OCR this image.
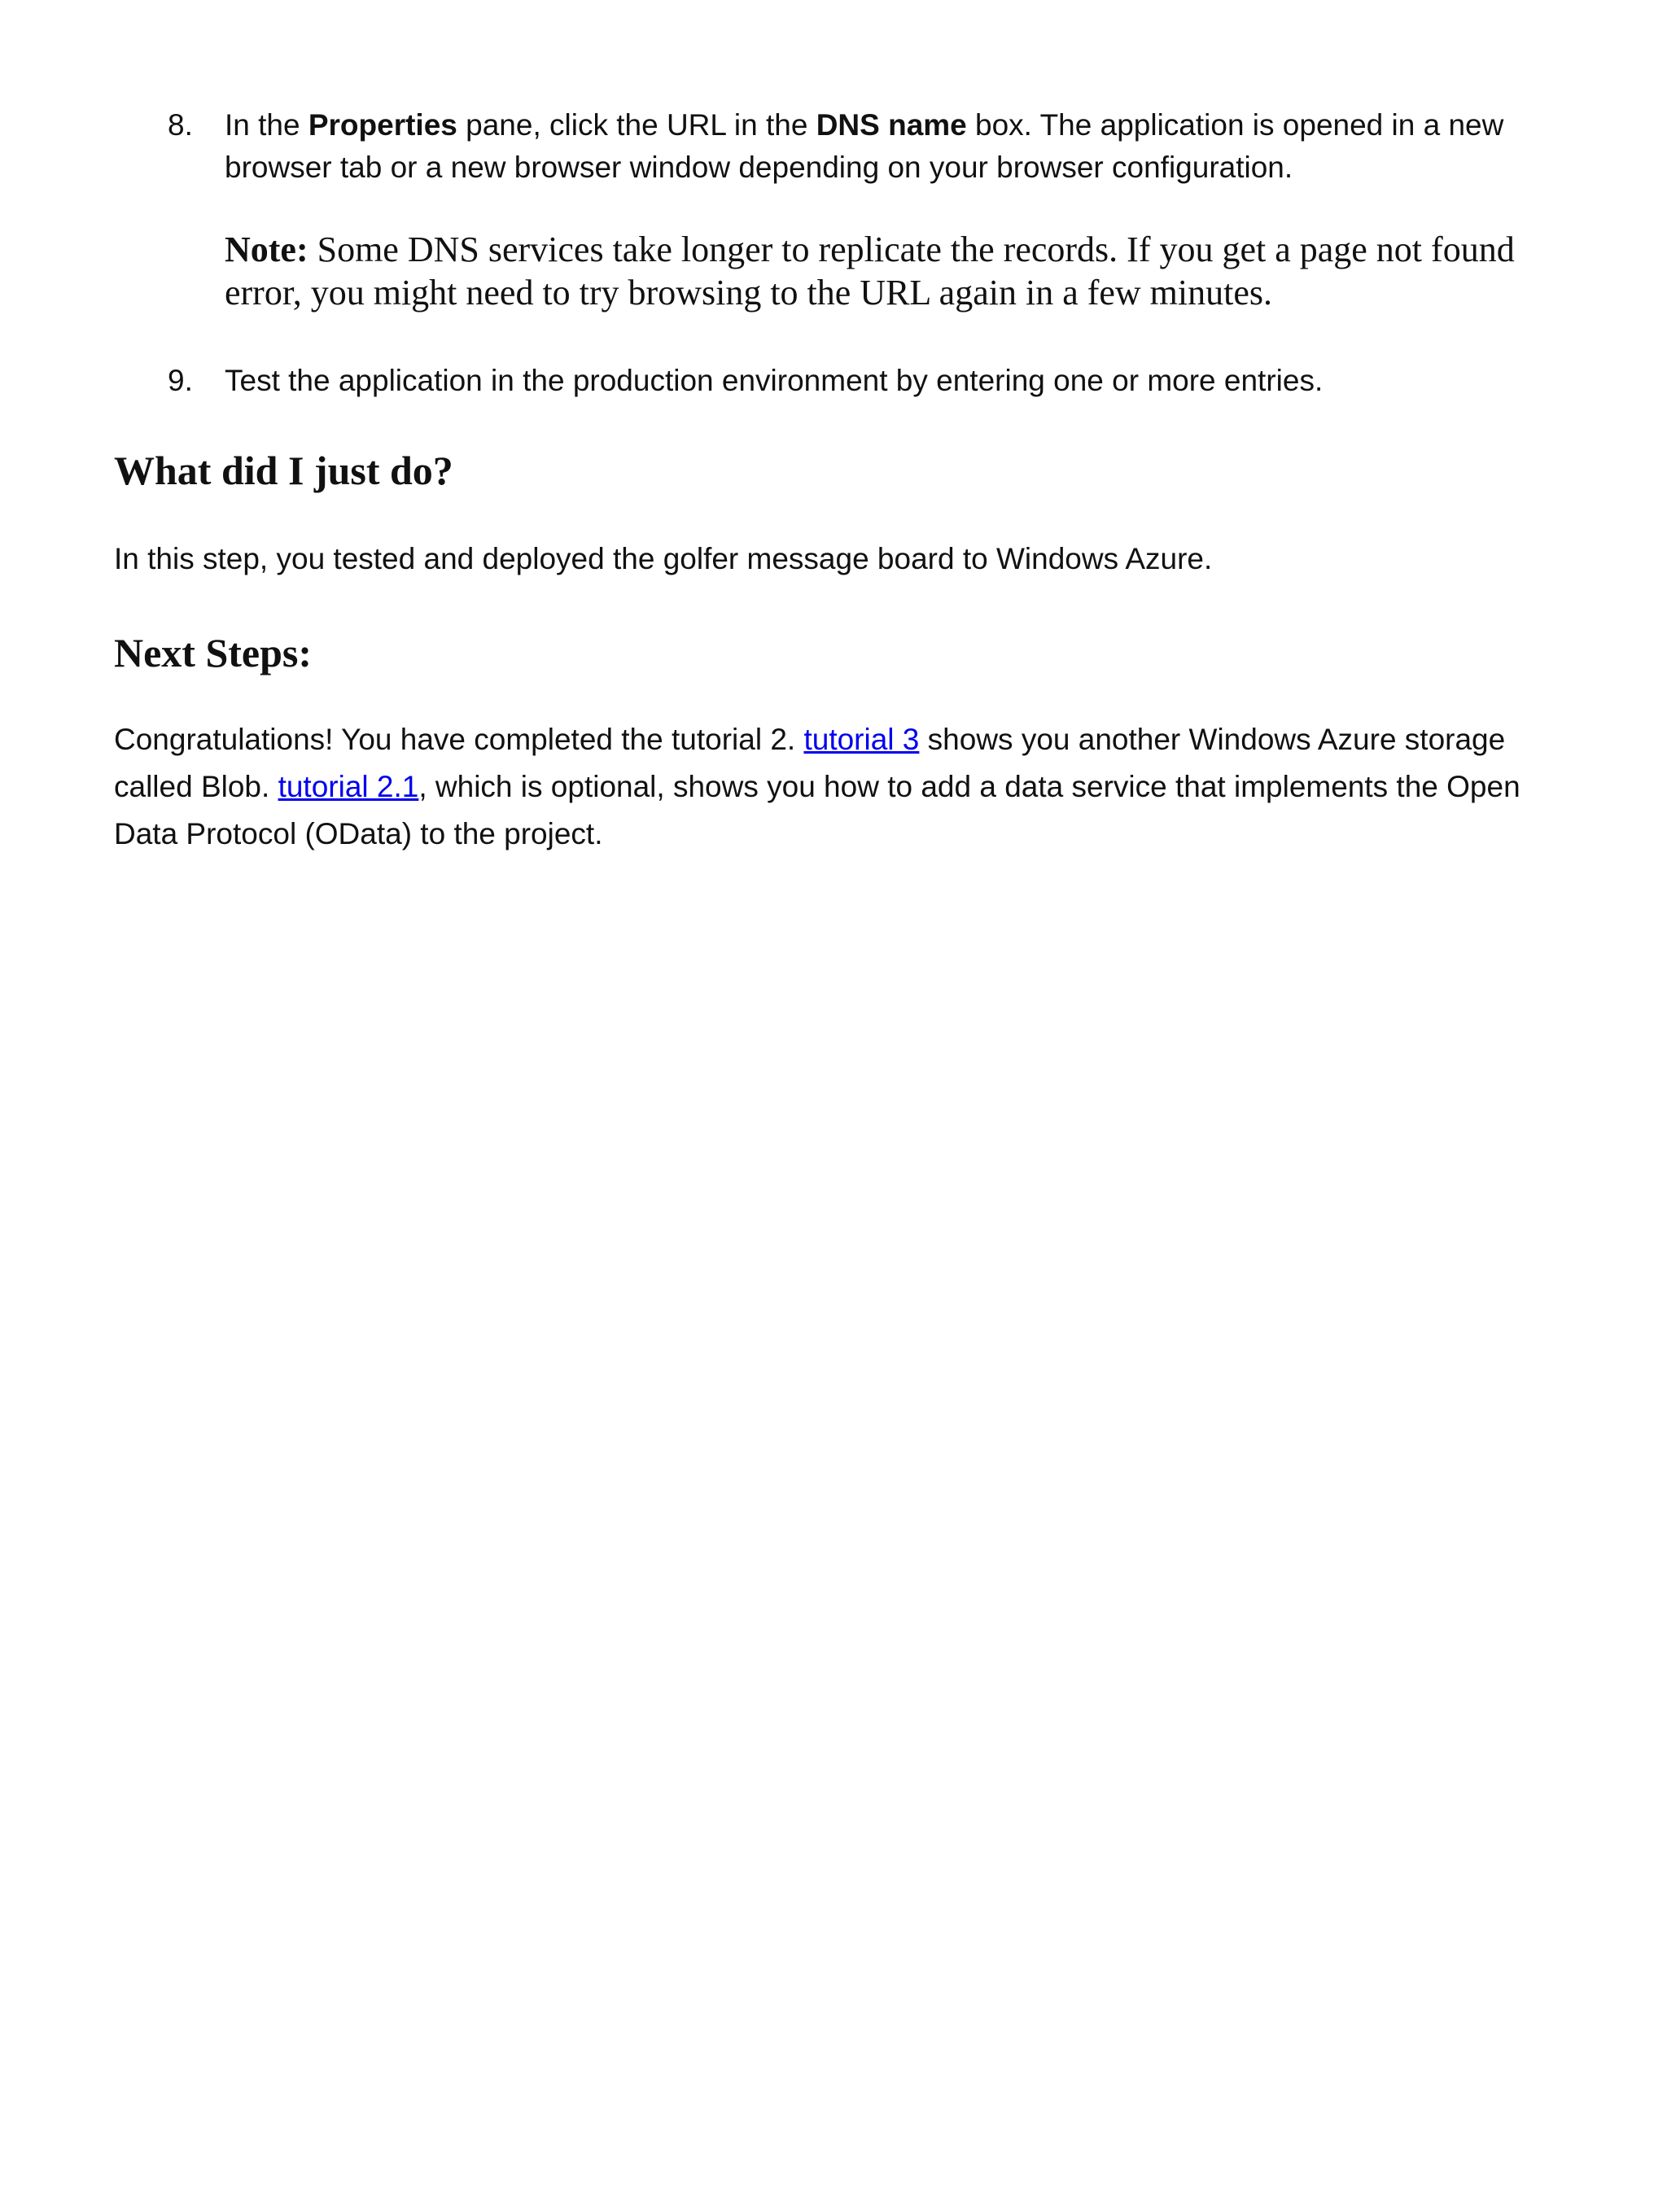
8.	In the Properties pane, click the URL in the DNS name box. The application is opened in a new browser tab or a new browser window depending on your browser configuration.
Note: Some DNS services take longer to replicate the records. If you get a page not found error, you might need to try browsing to the URL again in a few minutes.
9.	Test the application in the production environment by entering one or more entries.
What did I just do?
In this step, you tested and deployed the golfer message board to Windows Azure.
Next Steps:
Congratulations! You have completed the tutorial 2. tutorial 3 shows you another Windows Azure storage called Blob. tutorial 2.1, which is optional, shows you how to add a data service that implements the Open Data Protocol (OData) to the project.
